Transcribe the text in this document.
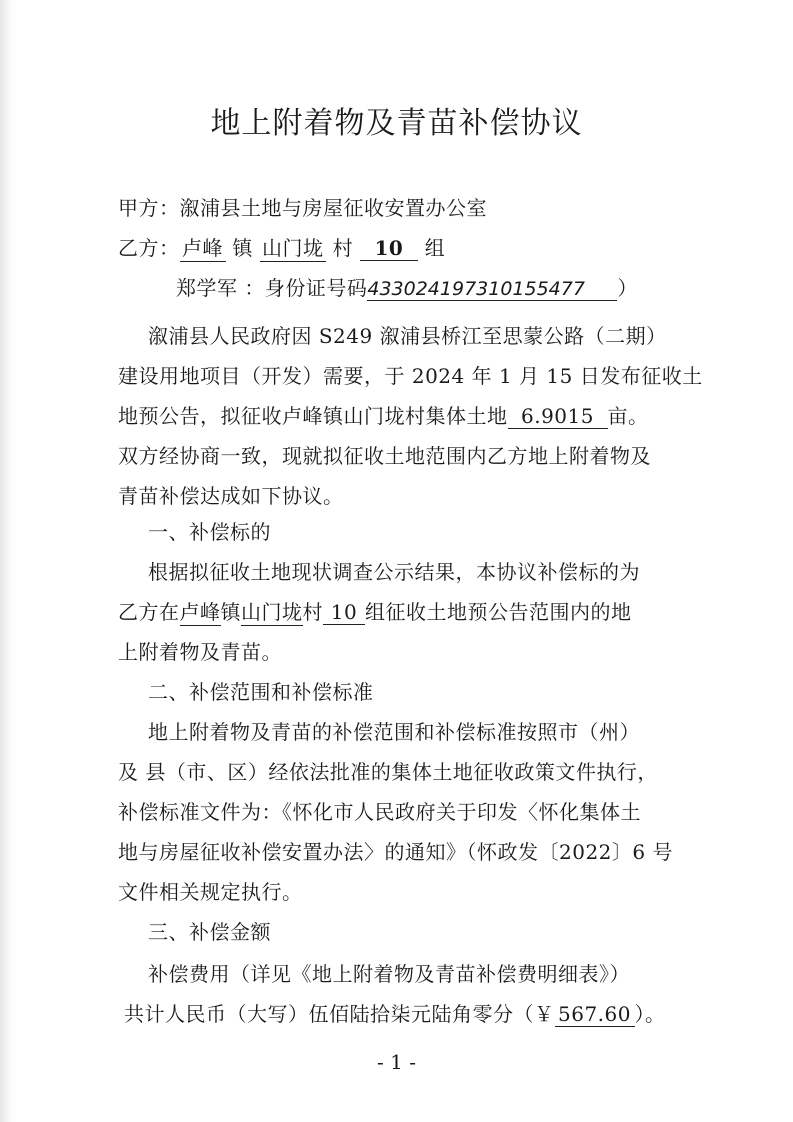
地上附着物及青苗补偿协议
甲方：溆浦县土地与房屋征收安置办公室
乙方： 卢峰 镇 山门垅 村 10 组
郑学军 ：身份证号码433024197310155477 ）
溆浦县人民政府因 S249 溆浦县桥江至思蒙公路（二期）
建设用地项目（开发）需要，于 2024 年 1 月 15 日发布征收土
地预公告，拟征收卢峰镇山门垅村集体土地 6.9015 亩。
双方经协商一致，现就拟征收土地范围内乙方地上附着物及
青苗补偿达成如下协议。
一、补偿标的
根据拟征收土地现状调查公示结果，本协议补偿标的为
乙方在卢峰镇山门垅村 10 组征收土地预公告范围内的地
上附着物及青苗。
二、补偿范围和补偿标准
地上附着物及青苗的补偿范围和补偿标准按照市（州）
及 县（市、区）经依法批准的集体土地征收政策文件执行，
补偿标准文件为：《怀化市人民政府关于印发〈怀化集体土
地与房屋征收补偿安置办法〉的通知》（怀政发〔2022〕6 号
文件相关规定执行。
三、补偿金额
补偿费用（详见《地上附着物及青苗补偿费明细表》）
共计人民币（大写）伍佰陆拾柒元陆角零分（￥ 567.60 ）。
- 1 -
